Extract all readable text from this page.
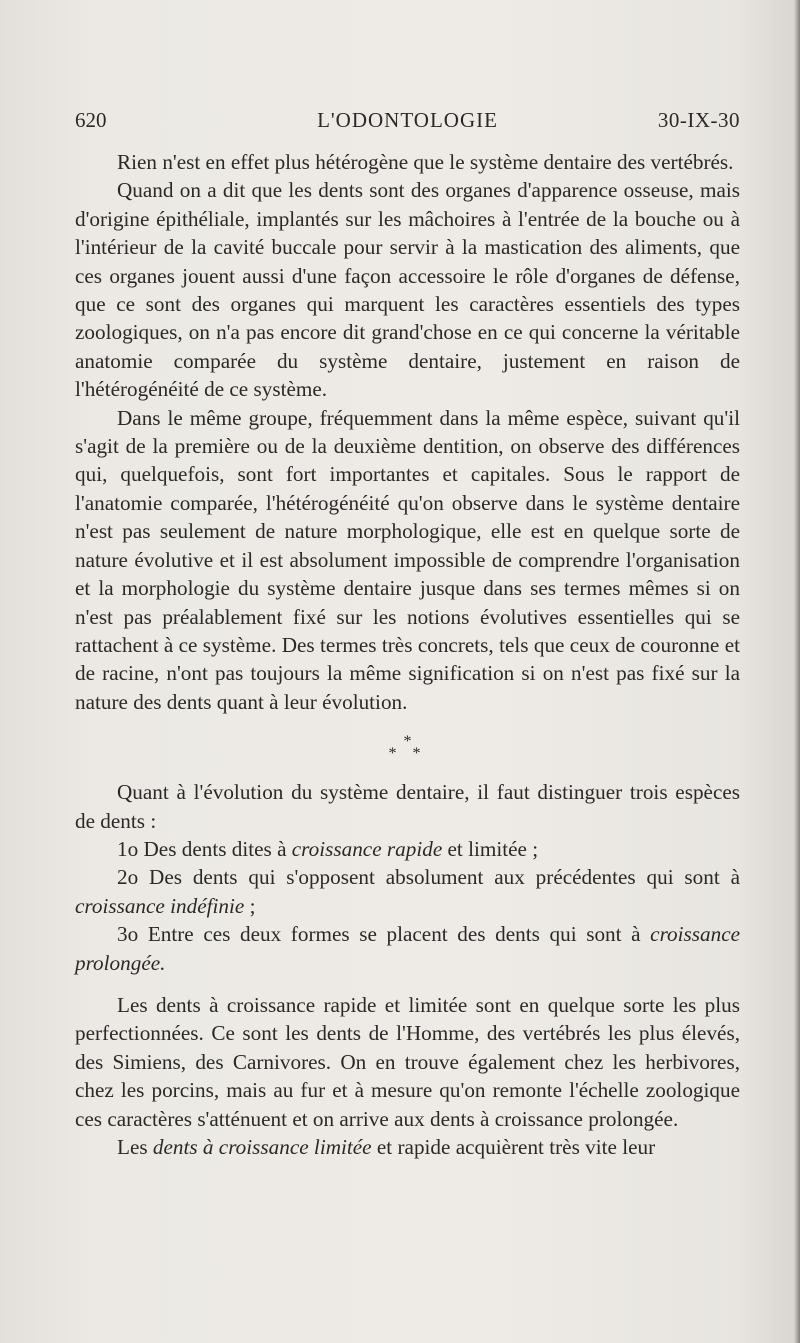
620	L'ODONTOLOGIE	30-IX-30

Rien n'est en effet plus hétérogène que le système dentaire des vertébrés.

Quand on a dit que les dents sont des organes d'apparence osseuse, mais d'origine épithéliale, implantés sur les mâchoires à l'entrée de la bouche ou à l'intérieur de la cavité buccale pour servir à la mastication des aliments, que ces organes jouent aussi d'une façon accessoire le rôle d'organes de défense, que ce sont des organes qui marquent les caractères essentiels des types zoologiques, on n'a pas encore dit grand'chose en ce qui concerne la véritable anatomie comparée du système dentaire, justement en raison de l'hétérogénéité de ce système.

Dans le même groupe, fréquemment dans la même espèce, suivant qu'il s'agit de la première ou de la deuxième dentition, on observe des différences qui, quelquefois, sont fort importantes et capitales. Sous le rapport de l'anatomie comparée, l'hétérogénéité qu'on observe dans le système dentaire n'est pas seulement de nature morphologique, elle est en quelque sorte de nature évolutive et il est absolument impossible de comprendre l'organisation et la morphologie du système dentaire jusque dans ses termes mêmes si on n'est pas préalablement fixé sur les notions évolutives essentielles qui se rattachent à ce système. Des termes très concrets, tels que ceux de couronne et de racine, n'ont pas toujours la même signification si on n'est pas fixé sur la nature des dents quant à leur évolution.

*
* *

Quant à l'évolution du système dentaire, il faut distinguer trois espèces de dents :

1o Des dents dites à croissance rapide et limitée ;

2o Des dents qui s'opposent absolument aux précédentes qui sont à croissance indéfinie ;

3o Entre ces deux formes se placent des dents qui sont à croissance prolongée.

Les dents à croissance rapide et limitée sont en quelque sorte les plus perfectionnées. Ce sont les dents de l'Homme, des vertébrés les plus élevés, des Simiens, des Carnivores. On en trouve également chez les herbivores, chez les porcins, mais au fur et à mesure qu'on remonte l'échelle zoologique ces caractères s'atténuent et on arrive aux dents à croissance prolongée.

Les dents à croissance limitée et rapide acquièrent très vite leur
